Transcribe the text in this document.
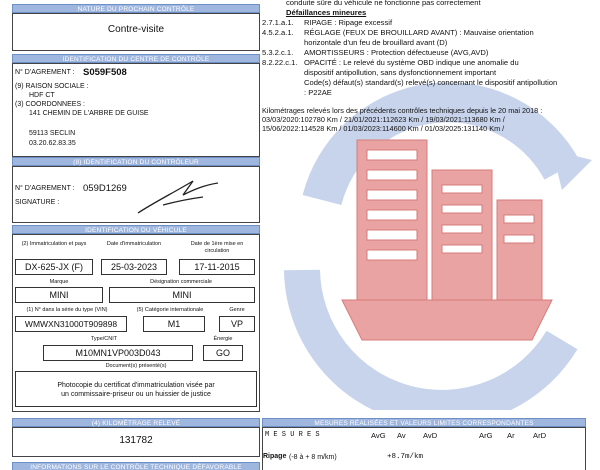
NATURE DU PROCHAIN CONTRÔLE
Contre-visite
IDENTIFICATION DU CENTRE DE CONTRÔLE
N° D'AGREMENT : S059F508
(9) RAISON SOCIALE :
HDF CT
(3) COORDONNEES :
141 CHEMIN DE L'ARBRE DE GUISE
59113 SECLIN
03.20.62.83.35
(8) IDENTIFICATION DU CONTRÔLEUR
N° D'AGREMENT : 059D1269
SIGNATURE :
IDENTIFICATION DU VÉHICULE
(2) Immatriculation et pays	Date d'immatriculation	Date de 1ère mise en circulation
DX-625-JX (F)	25-03-2023	17-11-2015
Marque	Désignation commerciale
MINI	MINI
(1) N° dans la série du type (VIN)	(5) Catégorie internationale	Genre
WMWXN31000T909898	M1	VP
Type/CNIT	Énergie
M10MN1VP003D043	GO
Document(s) présenté(s)
Photocopie du certificat d'immatriculation visée par un commissaire-priseur ou un huissier de justice
(4) KILOMÉTRAGE RELEVÉ
131782
INFORMATIONS SUR LE CONTRÔLE TECHNIQUE DÉFAVORABLE
conduite sûre du véhicule ne fonctionne pas correctement
Défaillances mineures
2.7.1.a.1. RIPAGE : Ripage excessif
4.5.2.a.1. RÉGLAGE (FEUX DE BROUILLARD AVANT) : Mauvaise orientation
horizontale d'un feu de brouillard avant (D)
5.3.2.c.1. AMORTISSEURS : Protection défectueuse (AVG,AVD)
8.2.22.c.1. OPACITÉ : Le relevé du système OBD indique une anomalie du
dispositif antipollution, sans dysfonctionnement important
Code(s) défaut(s) standard(s) relevé(s) concernant le dispositif antipollution
: P22AE
Kilométrages relevés lors des précédents contrôles techniques depuis le 20 mai 2018 :
03/03/2020:102780 Km / 21/01/2021:112623 Km / 19/03/2021:113680 Km /
15/06/2022:114528 Km / 01/03/2023:114600 Km / 01/03/2025:131140 Km /
MESURES RÉALISÉES ET VALEURS LIMITES CORRESPONDANTES
M E S U R E S	AvG Av AvD	ArG Ar ArD
Ripage (-8 à + 8 m/km)	+8.7m/km
